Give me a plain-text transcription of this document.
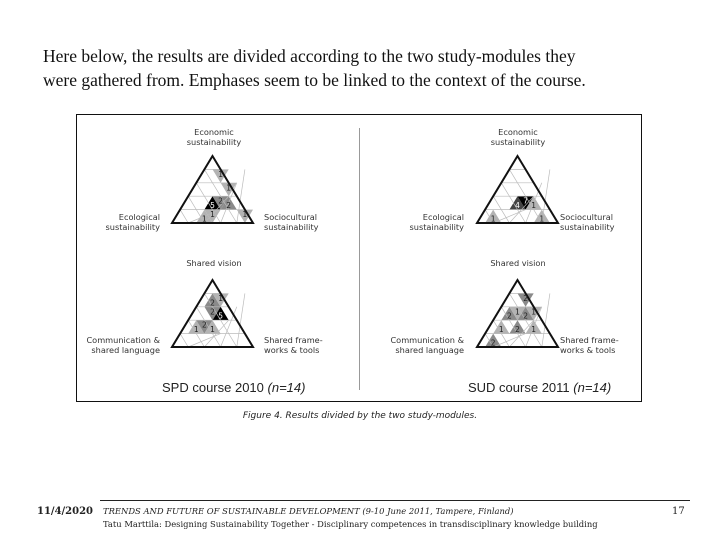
Here below, the results are divided according to the two study-modules they

were gathered from. Emphases seem to be linked to the context of the course.

Economic
sustainability
Ecological
sustainability
Sociocultural
sustainability
1
1
5 2 2
1 1	1
Shared vision
Communication &
shared language
Shared frame-
works & tools
2 1
2 5
1 2 1
SPD course 2010 (n=14)
Economic
sustainability
Ecological
sustainability
Sociocultural
sustainability
4 7 1
1	1
Shared vision
Communication &
shared language
Shared frame-
works & tools
2
2 1 2 1
1 2 1
2
SUD course 2011 (n=14)
Figure 4. Results divided by the two study-modules.
11/4/2020 TRENDS AND FUTURE OF SUSTAINABLE DEVELOPMENT (9-10 June 2011, Tampere, Finland)
Tatu Marttila: Designing Sustainability Together - Disciplinary competences in transdisciplinary knowledge building
17
